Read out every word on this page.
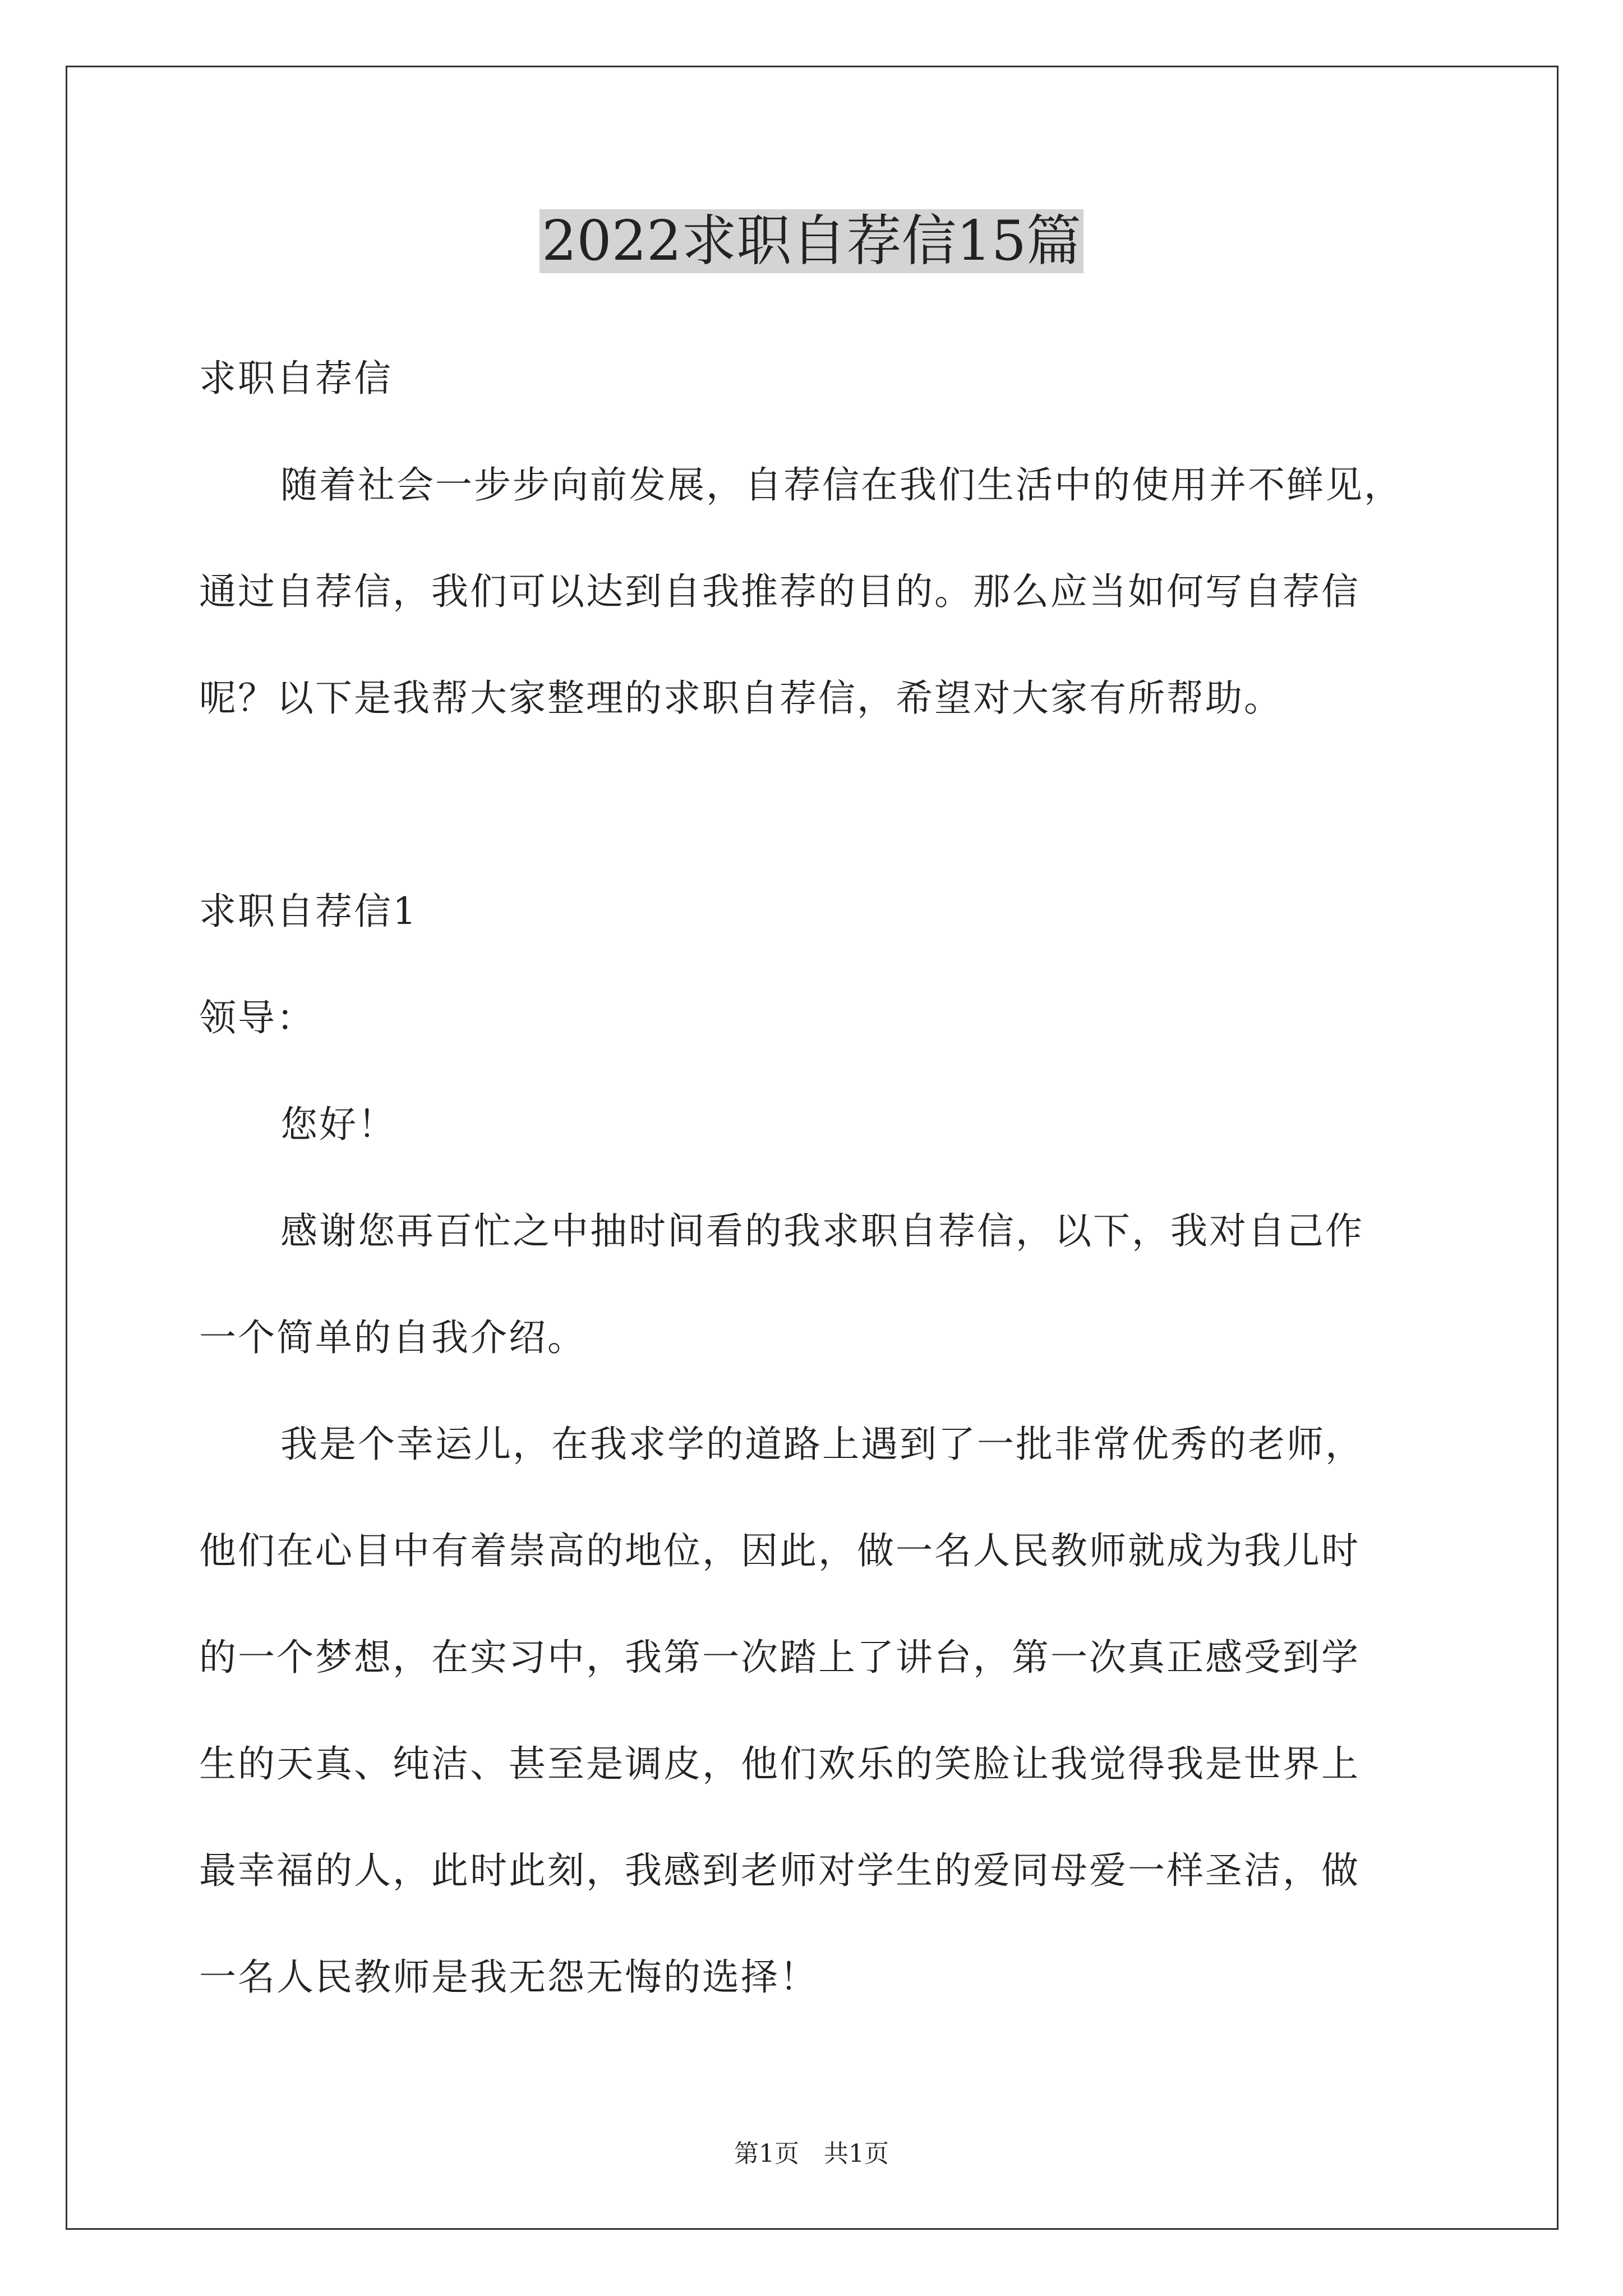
2022求职自荐信15篇
求职自荐信
随着社会一步步向前发展，自荐信在我们生活中的使用并不鲜见，
通过自荐信，我们可以达到自我推荐的目的。那么应当如何写自荐信
呢？以下是我帮大家整理的求职自荐信，希望对大家有所帮助。
求职自荐信1
领导：
您好！
感谢您再百忙之中抽时间看的我求职自荐信，以下，我对自己作
一个简单的自我介绍。
我是个幸运儿，在我求学的道路上遇到了一批非常优秀的老师，
他们在心目中有着崇高的地位，因此，做一名人民教师就成为我儿时
的一个梦想，在实习中，我第一次踏上了讲台，第一次真正感受到学
生的天真、纯洁、甚至是调皮，他们欢乐的笑脸让我觉得我是世界上
最幸福的人，此时此刻，我感到老师对学生的爱同母爱一样圣洁，做
一名人民教师是我无怨无悔的选择！
第1页　共1页
